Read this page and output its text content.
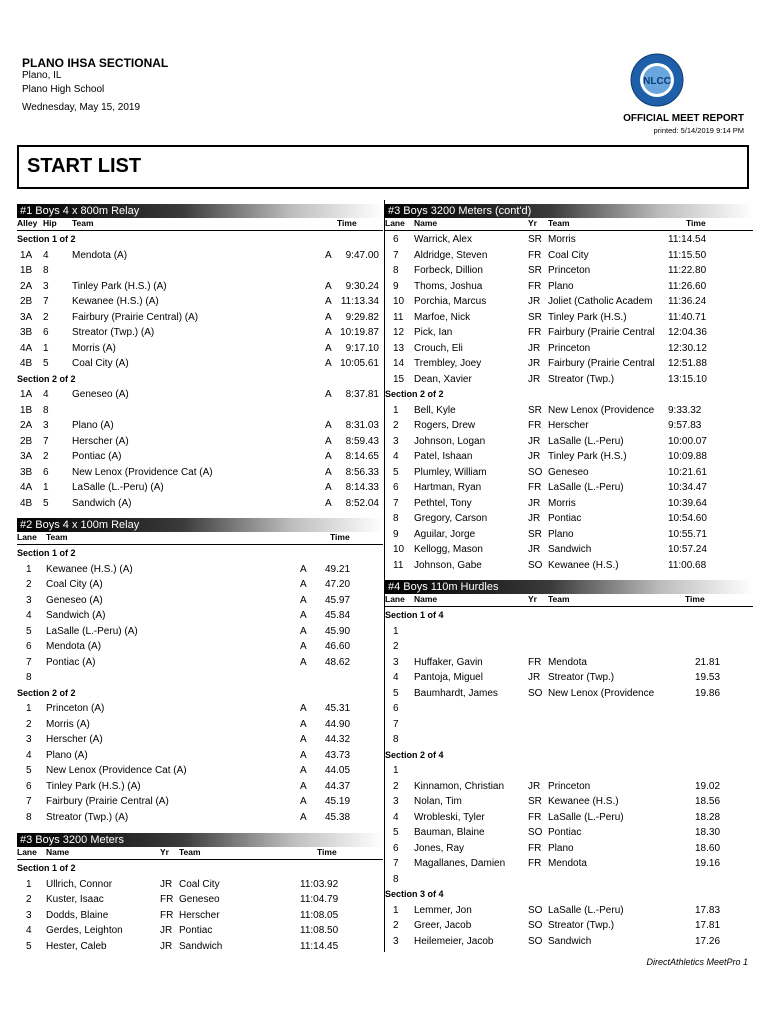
PLANO IHSA SECTIONAL
Plano, IL
Plano High School
Wednesday, May 15, 2019
NLCC
OFFICIAL MEET REPORT
printed: 5/14/2019 9:14 PM
START LIST
#1 Boys 4 x 800m Relay
Alley Hip Team	Time
Section 1 of 2
1A	4	Mendota (A)	A	9:47.00
1B	8
2A	3	Tinley Park (H.S.) (A)	A	9:30.24
2B	7	Kewanee (H.S.) (A)	A 11:13.34
3A	2	Fairbury (Prairie Central) (A)	A	9:29.82
3B	6	Streator (Twp.) (A)	A 10:19.87
4A	1	Morris (A)	A	9:17.10
4B	5	Coal City (A)	A 10:05.61
Section 2 of 2
1A	4	Geneseo (A)	A	8:37.81
1B	8
2A	3	Plano (A)	A	8:31.03
2B	7	Herscher (A)	A	8:59.43
3A	2	Pontiac (A)	A	8:14.65
3B	6	New Lenox (Providence Cat (A)	A	8:56.33
4A	1	LaSalle (L.-Peru) (A)	A	8:14.33
4B	5	Sandwich (A)	A	8:52.04
#2 Boys 4 x 100m Relay
Lane Team	Time
Section 1 of 2
1	Kewanee (H.S.) (A)	A	49.21
2	Coal City (A)	A	47.20
3	Geneseo (A)	A	45.97
4	Sandwich (A)	A	45.84
5	LaSalle (L.-Peru) (A)	A	45.90
6	Mendota (A)	A	46.60
7	Pontiac (A)	A	48.62
8
Section 2 of 2
1	Princeton (A)	A	45.31
2	Morris (A)	A	44.90
3	Herscher (A)	A	44.32
4	Plano (A)	A	43.73
5	New Lenox (Providence Cat (A)	A	44.05
6	Tinley Park (H.S.) (A)	A	44.37
7	Fairbury (Prairie Central (A)	A	45.19
8	Streator (Twp.) (A)	A	45.38
#3 Boys 3200 Meters
Lane Name	Yr Team	Time
Section 1 of 2
1	Ullrich, Connor	JR Coal City	11:03.92
2	Kuster, Isaac	FR Geneseo	11:04.79
3	Dodds, Blaine	FR Herscher	11:08.05
4	Gerdes, Leighton	JR Pontiac	11:08.50
5	Hester, Caleb	JR Sandwich	11:14.45
#3 Boys 3200 Meters (cont'd)
Lane Name	Yr Team	Time
6	Warrick, Alex	SR Morris	11:14.54
7	Aldridge, Steven	FR Coal City	11:15.50
8	Forbeck, Dillion	SR Princeton	11:22.80
9	Thoms, Joshua	FR Plano	11:26.60
10 Porchia, Marcus	JR Joliet (Catholic Academ	11:36.24
11	Marfoe, Nick	SR Tinley Park (H.S.)	11:40.71
12 Pick, Ian	FR Fairbury (Prairie Central	12:04.36
13 Crouch, Eli	JR Princeton	12:30.12
14 Trembley, Joey	JR Fairbury (Prairie Central	12:51.88
15 Dean, Xavier	JR Streator (Twp.)	13:15.10
Section 2 of 2
1	Bell, Kyle	SR New Lenox (Providence	9:33.32
2	Rogers, Drew	FR Herscher	9:57.83
3	Johnson, Logan	JR LaSalle (L.-Peru)	10:00.07
4	Patel, Ishaan	JR Tinley Park (H.S.)	10:09.88
5	Plumley, William	SO Geneseo	10:21.61
6	Hartman, Ryan	FR LaSalle (L.-Peru)	10:34.47
7	Pethtel, Tony	JR Morris	10:39.64
8	Gregory, Carson	JR Pontiac	10:54.60
9	Aguilar, Jorge	SR Plano	10:55.71
10 Kellogg, Mason	JR Sandwich	10:57.24
11	Johnson, Gabe	SO Kewanee (H.S.)	11:00.68
#4 Boys 110m Hurdles
Lane Name	Yr Team	Time
Section 1 of 4
1
2
3	Huffaker, Gavin	FR Mendota	21.81
4	Pantoja, Miguel	JR Streator (Twp.)	19.53
5	Baumhardt, James	SO New Lenox (Providence	19.86
6
7
8
Section 2 of 4
1
2	Kinnamon, Christian	JR Princeton	19.02
3	Nolan, Tim	SR Kewanee (H.S.)	18.56
4	Wrobleski, Tyler	FR LaSalle (L.-Peru)	18.28
5	Bauman, Blaine	SO Pontiac	18.30
6	Jones, Ray	FR Plano	18.60
7	Magallanes, Damien	FR Mendota	19.16
8
Section 3 of 4
1	Lemmer, Jon	SO LaSalle (L.-Peru)	17.83
2	Greer, Jacob	SO Streator (Twp.)	17.81
3	Heilemeier, Jacob	SO Sandwich	17.26
DirectAthletics MeetPro 1
